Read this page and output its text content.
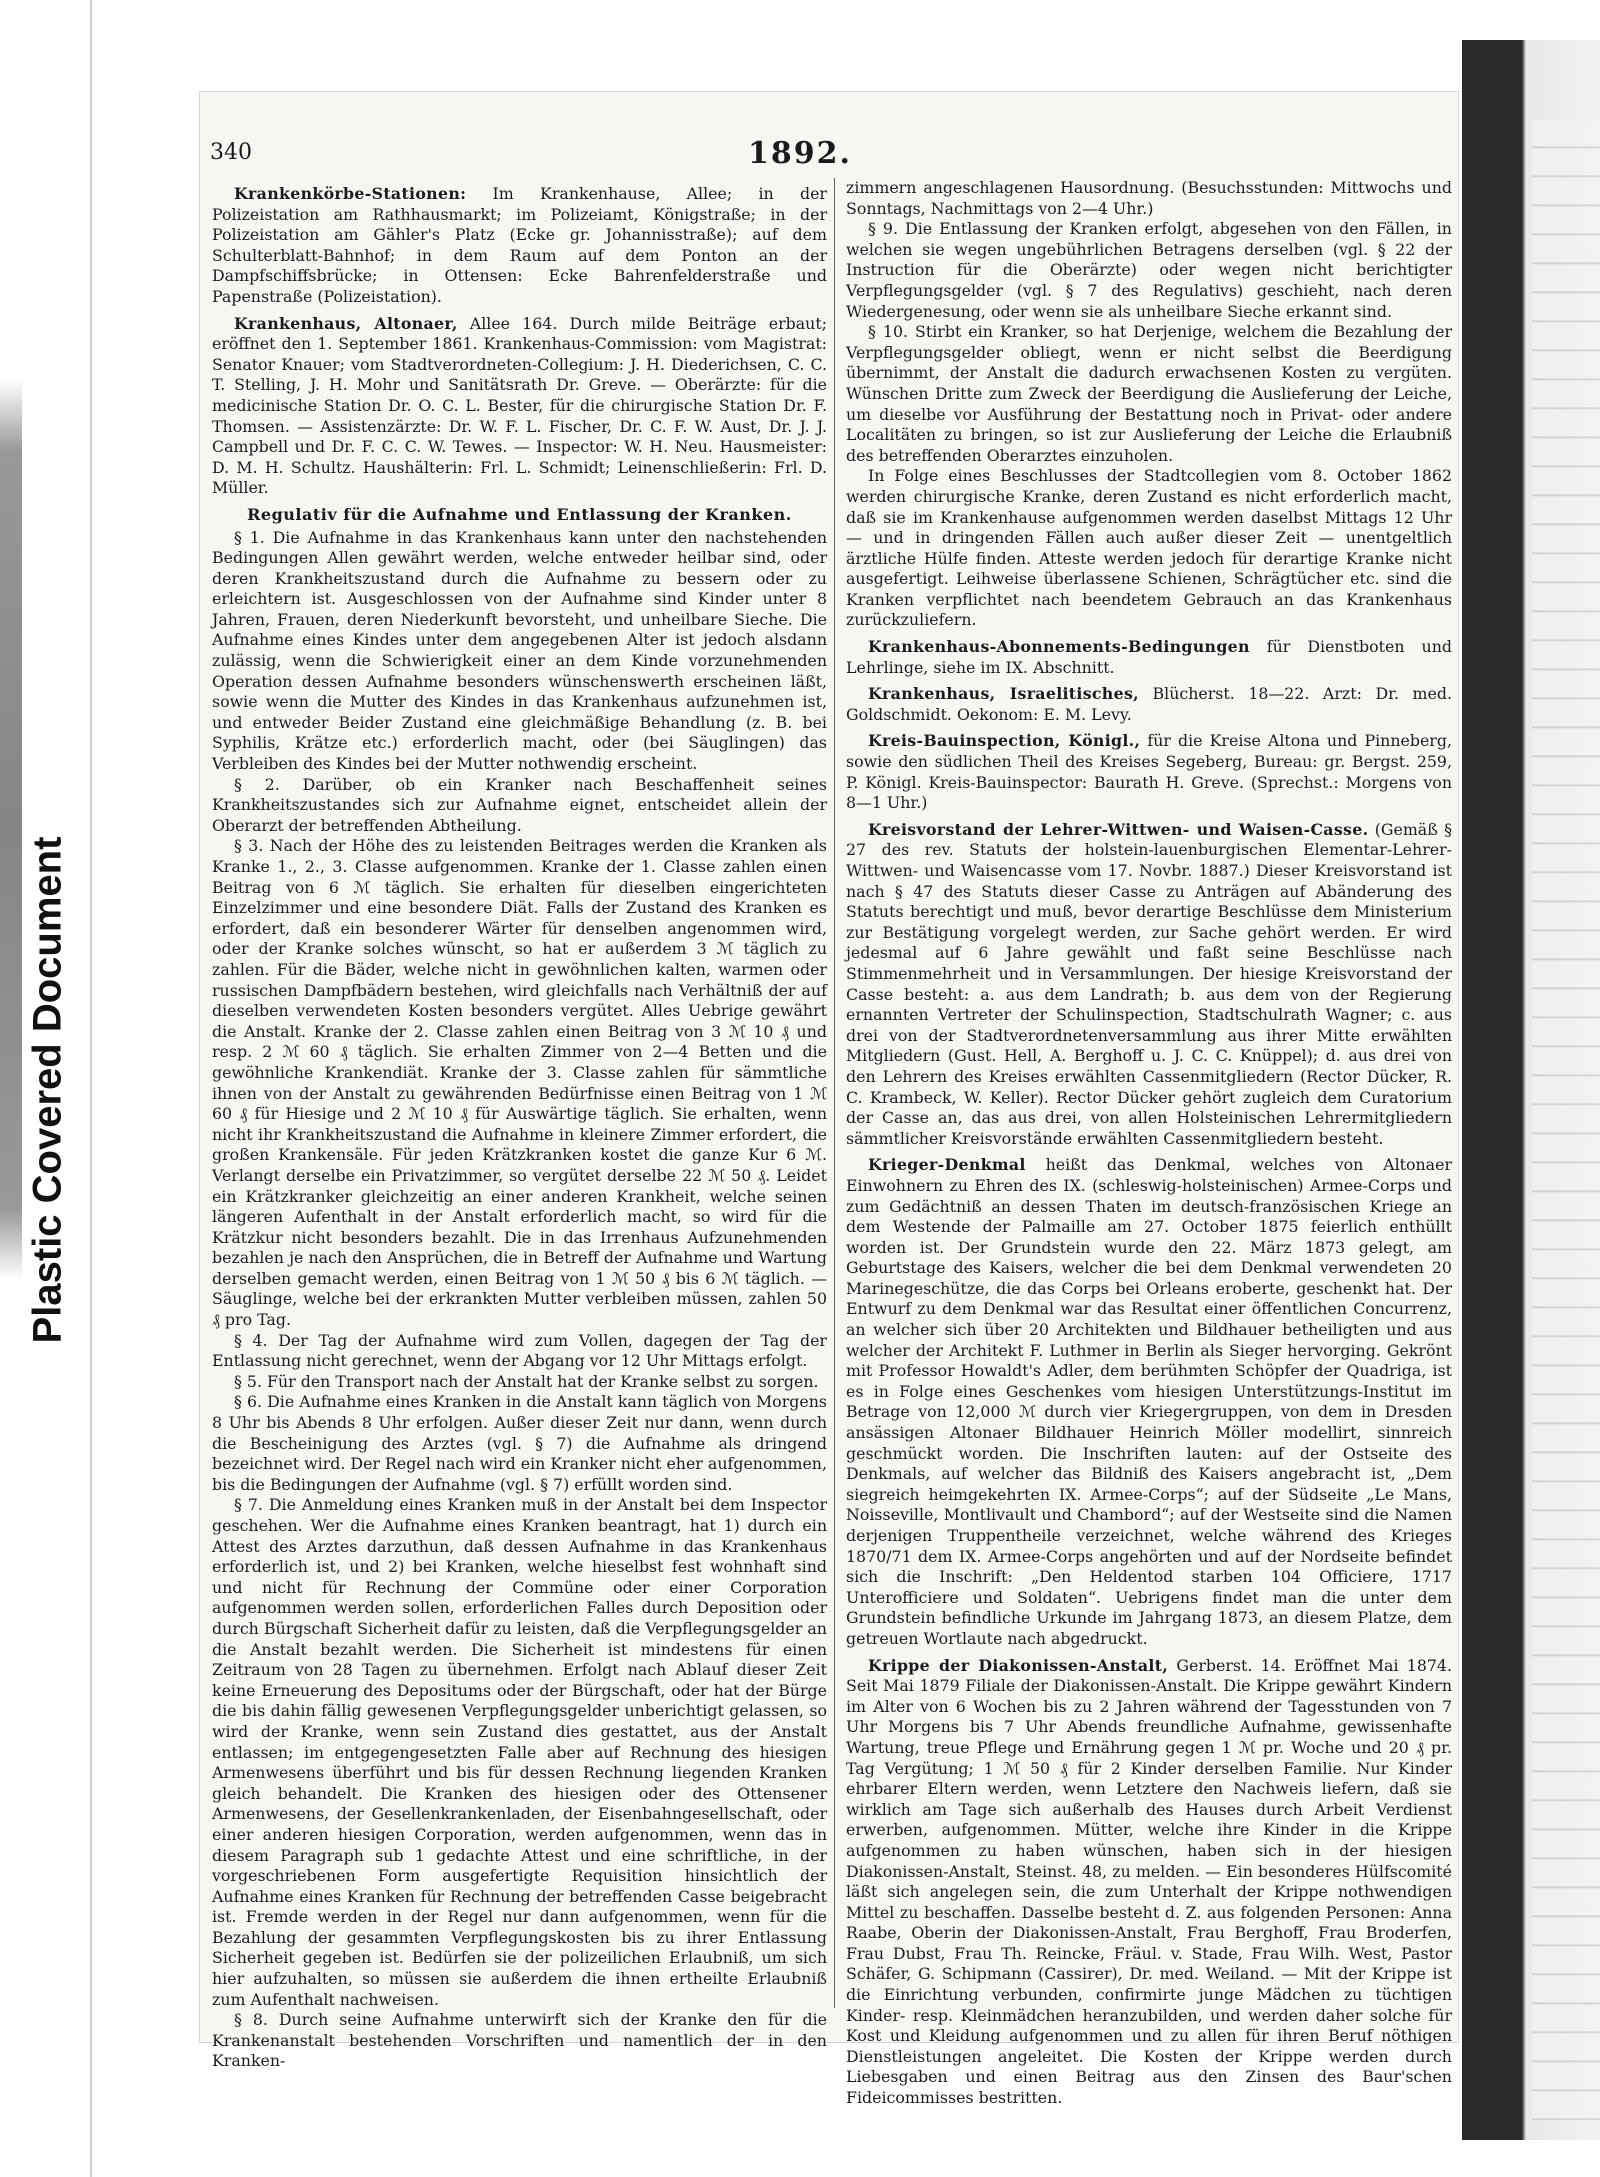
Plastic Covered Document
340	1892.

Krankenkörbe-Stationen: Im Krankenhause, Allee; in der Polizeistation am Rathhausmarkt; im Polizeiamt, Königstraße; in der Polizeistation am Gähler's Platz (Ecke gr. Johannisstraße); auf dem Schulterblatt-Bahnhof; in dem Raum auf dem Ponton an der Dampfschiffsbrücke; in Ottensen: Ecke Bahrenfelderstraße und Papenstraße (Polizeistation).

Krankenhaus, Altonaer, Allee 164. Durch milde Beiträge erbaut; eröffnet den 1. September 1861. Krankenhaus-Commission: vom Magistrat: Senator Knauer; vom Stadtverordneten-Collegium: J. H. Diederichsen, C. C. T. Stelling, J. H. Mohr und Sanitätsrath Dr. Greve. — Oberärzte: für die medicinische Station Dr. O. C. L. Bester, für die chirurgische Station Dr. F. Thomsen. — Assistenzärzte: Dr. W. F. L. Fischer, Dr. C. F. W. Aust, Dr. J. J. Campbell und Dr. F. C. C. W. Tewes. — Inspector: W. H. Neu. Hausmeister: D. M. H. Schultz. Haushälterin: Frl. L. Schmidt; Leinenschließerin: Frl. D. Müller.

Regulativ für die Aufnahme und Entlassung der Kranken.

§ 1. Die Aufnahme in das Krankenhaus kann unter den nachstehenden Bedingungen Allen gewährt werden, welche entweder heilbar sind, oder deren Krankheitszustand durch die Aufnahme zu bessern oder zu erleichtern ist. Ausgeschlossen von der Aufnahme sind Kinder unter 8 Jahren, Frauen, deren Niederkunft bevorsteht, und unheilbare Sieche. Die Aufnahme eines Kindes unter dem angegebenen Alter ist jedoch alsdann zulässig, wenn die Schwierigkeit einer an dem Kinde vorzunehmenden Operation dessen Aufnahme besonders wünschenswerth erscheinen läßt, sowie wenn die Mutter des Kindes in das Krankenhaus aufzunehmen ist, und entweder Beider Zustand eine gleichmäßige Behandlung (z. B. bei Syphilis, Krätze etc.) erforderlich macht, oder (bei Säuglingen) das Verbleiben des Kindes bei der Mutter nothwendig erscheint.

§ 2. Darüber, ob ein Kranker nach Beschaffenheit seines Krankheitszustandes sich zur Aufnahme eignet, entscheidet allein der Oberarzt der betreffenden Abtheilung.

§ 3. Nach der Höhe des zu leistenden Beitrages werden die Kranken als Kranke 1., 2., 3. Classe aufgenommen. Kranke der 1. Classe zahlen einen Beitrag von 6 ℳ täglich. Sie erhalten für dieselben eingerichteten Einzelzimmer und eine besondere Diät. Falls der Zustand des Kranken es erfordert, daß ein besonderer Wärter für denselben angenommen wird, oder der Kranke solches wünscht, so hat er außerdem 3 ℳ täglich zu zahlen. Für die Bäder, welche nicht in gewöhnlichen kalten, warmen oder russischen Dampfbädern bestehen, wird gleichfalls nach Verhältniß der auf dieselben verwendeten Kosten besonders vergütet. Alles Uebrige gewährt die Anstalt. Kranke der 2. Classe zahlen einen Beitrag von 3 ℳ 10 ₰ und resp. 2 ℳ 60 ₰ täglich. Sie erhalten Zimmer von 2—4 Betten und die gewöhnliche Krankendiät. Kranke der 3. Classe zahlen für sämmtliche ihnen von der Anstalt zu gewährenden Bedürfnisse einen Beitrag von 1 ℳ 60 ₰ für Hiesige und 2 ℳ 10 ₰ für Auswärtige täglich. Sie erhalten, wenn nicht ihr Krankheitszustand die Aufnahme in kleinere Zimmer erfordert, die großen Krankensäle. Für jeden Krätzkranken kostet die ganze Kur 6 ℳ. Verlangt derselbe ein Privatzimmer, so vergütet derselbe 22 ℳ 50 ₰. Leidet ein Krätzkranker gleichzeitig an einer anderen Krankheit, welche seinen längeren Aufenthalt in der Anstalt erforderlich macht, so wird für die Krätzkur nicht besonders bezahlt. Die in das Irrenhaus Aufzunehmenden bezahlen je nach den Ansprüchen, die in Betreff der Aufnahme und Wartung derselben gemacht werden, einen Beitrag von 1 ℳ 50 ₰ bis 6 ℳ täglich. — Säuglinge, welche bei der erkrankten Mutter verbleiben müssen, zahlen 50 ₰ pro Tag.

§ 4. Der Tag der Aufnahme wird zum Vollen, dagegen der Tag der Entlassung nicht gerechnet, wenn der Abgang vor 12 Uhr Mittags erfolgt.

§ 5. Für den Transport nach der Anstalt hat der Kranke selbst zu sorgen.

§ 6. Die Aufnahme eines Kranken in die Anstalt kann täglich von Morgens 8 Uhr bis Abends 8 Uhr erfolgen. Außer dieser Zeit nur dann, wenn durch die Bescheinigung des Arztes (vgl. § 7) die Aufnahme als dringend bezeichnet wird. Der Regel nach wird ein Kranker nicht eher aufgenommen, bis die Bedingungen der Aufnahme (vgl. § 7) erfüllt worden sind.

§ 7. Die Anmeldung eines Kranken muß in der Anstalt bei dem Inspector geschehen. Wer die Aufnahme eines Kranken beantragt, hat 1) durch ein Attest des Arztes darzuthun, daß dessen Aufnahme in das Krankenhaus erforderlich ist, und 2) bei Kranken, welche hieselbst fest wohnhaft sind und nicht für Rechnung der Commüne oder einer Corporation aufgenommen werden sollen, erforderlichen Falles durch Deposition oder durch Bürgschaft Sicherheit dafür zu leisten, daß die Verpflegungsgelder an die Anstalt bezahlt werden. Die Sicherheit ist mindestens für einen Zeitraum von 28 Tagen zu übernehmen. Erfolgt nach Ablauf dieser Zeit keine Erneuerung des Depositums oder der Bürgschaft, oder hat der Bürge die bis dahin fällig gewesenen Verpflegungsgelder unberichtigt gelassen, so wird der Kranke, wenn sein Zustand dies gestattet, aus der Anstalt entlassen; im entgegengesetzten Falle aber auf Rechnung des hiesigen Armenwesens überführt und bis für dessen Rechnung liegenden Kranken gleich behandelt. Die Kranken des hiesigen oder des Ottensener Armenwesens, der Gesellenkrankenladen, der Eisenbahngesellschaft, oder einer anderen hiesigen Corporation, werden aufgenommen, wenn das in diesem Paragraph sub 1 gedachte Attest und eine schriftliche, in der vorgeschriebenen Form ausgefertigte Requisition hinsichtlich der Aufnahme eines Kranken für Rechnung der betreffenden Casse beigebracht ist. Fremde werden in der Regel nur dann aufgenommen, wenn für die Bezahlung der gesammten Verpflegungskosten bis zu ihrer Entlassung Sicherheit gegeben ist. Bedürfen sie der polizeilichen Erlaubniß, um sich hier aufzuhalten, so müssen sie außerdem die ihnen ertheilte Erlaubniß zum Aufenthalt nachweisen.

§ 8. Durch seine Aufnahme unterwirft sich der Kranke den für die Krankenanstalt bestehenden Vorschriften und namentlich der in den Kranken-

zimmern angeschlagenen Hausordnung. (Besuchsstunden: Mittwochs und Sonntags, Nachmittags von 2—4 Uhr.)

§ 9. Die Entlassung der Kranken erfolgt, abgesehen von den Fällen, in welchen sie wegen ungebührlichen Betragens derselben (vgl. § 22 der Instruction für die Oberärzte) oder wegen nicht berichtigter Verpflegungsgelder (vgl. § 7 des Regulativs) geschieht, nach deren Wiedergenesung, oder wenn sie als unheilbare Sieche erkannt sind.

§ 10. Stirbt ein Kranker, so hat Derjenige, welchem die Bezahlung der Verpflegungsgelder obliegt, wenn er nicht selbst die Beerdigung übernimmt, der Anstalt die dadurch erwachsenen Kosten zu vergüten. Wünschen Dritte zum Zweck der Beerdigung die Auslieferung der Leiche, um dieselbe vor Ausführung der Bestattung noch in Privat- oder andere Localitäten zu bringen, so ist zur Auslieferung der Leiche die Erlaubniß des betreffenden Oberarztes einzuholen.

In Folge eines Beschlusses der Stadtcollegien vom 8. October 1862 werden chirurgische Kranke, deren Zustand es nicht erforderlich macht, daß sie im Krankenhause aufgenommen werden daselbst Mittags 12 Uhr — und in dringenden Fällen auch außer dieser Zeit — unentgeltlich ärztliche Hülfe finden. Atteste werden jedoch für derartige Kranke nicht ausgefertigt. Leihweise überlassene Schienen, Schrägtücher etc. sind die Kranken verpflichtet nach beendetem Gebrauch an das Krankenhaus zurückzuliefern.

Krankenhaus-Abonnements-Bedingungen für Dienstboten und Lehrlinge, siehe im IX. Abschnitt.

Krankenhaus, Israelitisches, Blücherst. 18—22. Arzt: Dr. med. Goldschmidt. Oekonom: E. M. Levy.

Kreis-Bauinspection, Königl., für die Kreise Altona und Pinneberg, sowie den südlichen Theil des Kreises Segeberg, Bureau: gr. Bergst. 259, P. Königl. Kreis-Bauinspector: Baurath H. Greve. (Sprechst.: Morgens von 8—1 Uhr.)

Kreisvorstand der Lehrer-Wittwen- und Waisen-Casse. (Gemäß § 27 des rev. Statuts der holstein-lauenburgischen Elementar-Lehrer-Wittwen- und Waisencasse vom 17. Novbr. 1887.) Dieser Kreisvorstand ist nach § 47 des Statuts dieser Casse zu Anträgen auf Abänderung des Statuts berechtigt und muß, bevor derartige Beschlüsse dem Ministerium zur Bestätigung vorgelegt werden, zur Sache gehört werden. Er wird jedesmal auf 6 Jahre gewählt und faßt seine Beschlüsse nach Stimmenmehrheit und in Versammlungen. Der hiesige Kreisvorstand der Casse besteht: a. aus dem Landrath; b. aus dem von der Regierung ernannten Vertreter der Schulinspection, Stadtschulrath Wagner; c. aus drei von der Stadtverordnetenversammlung aus ihrer Mitte erwählten Mitgliedern (Gust. Hell, A. Berghoff u. J. C. C. Knüppel); d. aus drei von den Lehrern des Kreises erwählten Cassenmitgliedern (Rector Dücker, R. C. Krambeck, W. Keller). Rector Dücker gehört zugleich dem Curatorium der Casse an, das aus drei, von allen Holsteinischen Lehrermitgliedern sämmtlicher Kreisvorstände erwählten Cassenmitgliedern besteht.

Krieger-Denkmal heißt das Denkmal, welches von Altonaer Einwohnern zu Ehren des IX. (schleswig-holsteinischen) Armee-Corps und zum Gedächtniß an dessen Thaten im deutsch-französischen Kriege an dem Westende der Palmaille am 27. October 1875 feierlich enthüllt worden ist. Der Grundstein wurde den 22. März 1873 gelegt, am Geburtstage des Kaisers, welcher die bei dem Denkmal verwendeten 20 Marinegeschütze, die das Corps bei Orleans eroberte, geschenkt hat. Der Entwurf zu dem Denkmal war das Resultat einer öffentlichen Concurrenz, an welcher sich über 20 Architekten und Bildhauer betheiligten und aus welcher der Architekt F. Luthmer in Berlin als Sieger hervorging. Gekrönt mit Professor Howaldt's Adler, dem berühmten Schöpfer der Quadriga, ist es in Folge eines Geschenkes vom hiesigen Unterstützungs-Institut im Betrage von 12,000 ℳ durch vier Kriegergruppen, von dem in Dresden ansässigen Altonaer Bildhauer Heinrich Möller modellirt, sinnreich geschmückt worden. Die Inschriften lauten: auf der Ostseite des Denkmals, auf welcher das Bildniß des Kaisers angebracht ist, „Dem siegreich heimgekehrten IX. Armee-Corps“; auf der Südseite „Le Mans, Noisseville, Montlivault und Chambord“; auf der Westseite sind die Namen derjenigen Truppentheile verzeichnet, welche während des Krieges 1870/71 dem IX. Armee-Corps angehörten und auf der Nordseite befindet sich die Inschrift: „Den Heldentod starben 104 Officiere, 1717 Unterofficiere und Soldaten“. Uebrigens findet man die unter dem Grundstein befindliche Urkunde im Jahrgang 1873, an diesem Platze, dem getreuen Wortlaute nach abgedruckt.

Krippe der Diakonissen-Anstalt, Gerberst. 14. Eröffnet Mai 1874. Seit Mai 1879 Filiale der Diakonissen-Anstalt. Die Krippe gewährt Kindern im Alter von 6 Wochen bis zu 2 Jahren während der Tagesstunden von 7 Uhr Morgens bis 7 Uhr Abends freundliche Aufnahme, gewissenhafte Wartung, treue Pflege und Ernährung gegen 1 ℳ pr. Woche und 20 ₰ pr. Tag Vergütung; 1 ℳ 50 ₰ für 2 Kinder derselben Familie. Nur Kinder ehrbarer Eltern werden, wenn Letztere den Nachweis liefern, daß sie wirklich am Tage sich außerhalb des Hauses durch Arbeit Verdienst erwerben, aufgenommen. Mütter, welche ihre Kinder in die Krippe aufgenommen zu haben wünschen, haben sich in der hiesigen Diakonissen-Anstalt, Steinst. 48, zu melden. — Ein besonderes Hülfscomité läßt sich angelegen sein, die zum Unterhalt der Krippe nothwendigen Mittel zu beschaffen. Dasselbe besteht d. Z. aus folgenden Personen: Anna Raabe, Oberin der Diakonissen-Anstalt, Frau Berghoff, Frau Broderfen, Frau Dubst, Frau Th. Reincke, Fräul. v. Stade, Frau Wilh. West, Pastor Schäfer, G. Schipmann (Cassirer), Dr. med. Weiland. — Mit der Krippe ist die Einrichtung verbunden, confirmirte junge Mädchen zu tüchtigen Kinder- resp. Kleinmädchen heranzubilden, und werden daher solche für Kost und Kleidung aufgenommen und zu allen für ihren Beruf nöthigen Dienstleistungen angeleitet. Die Kosten der Krippe werden durch Liebesgaben und einen Beitrag aus den Zinsen des Baur'schen Fideicommisses bestritten.
